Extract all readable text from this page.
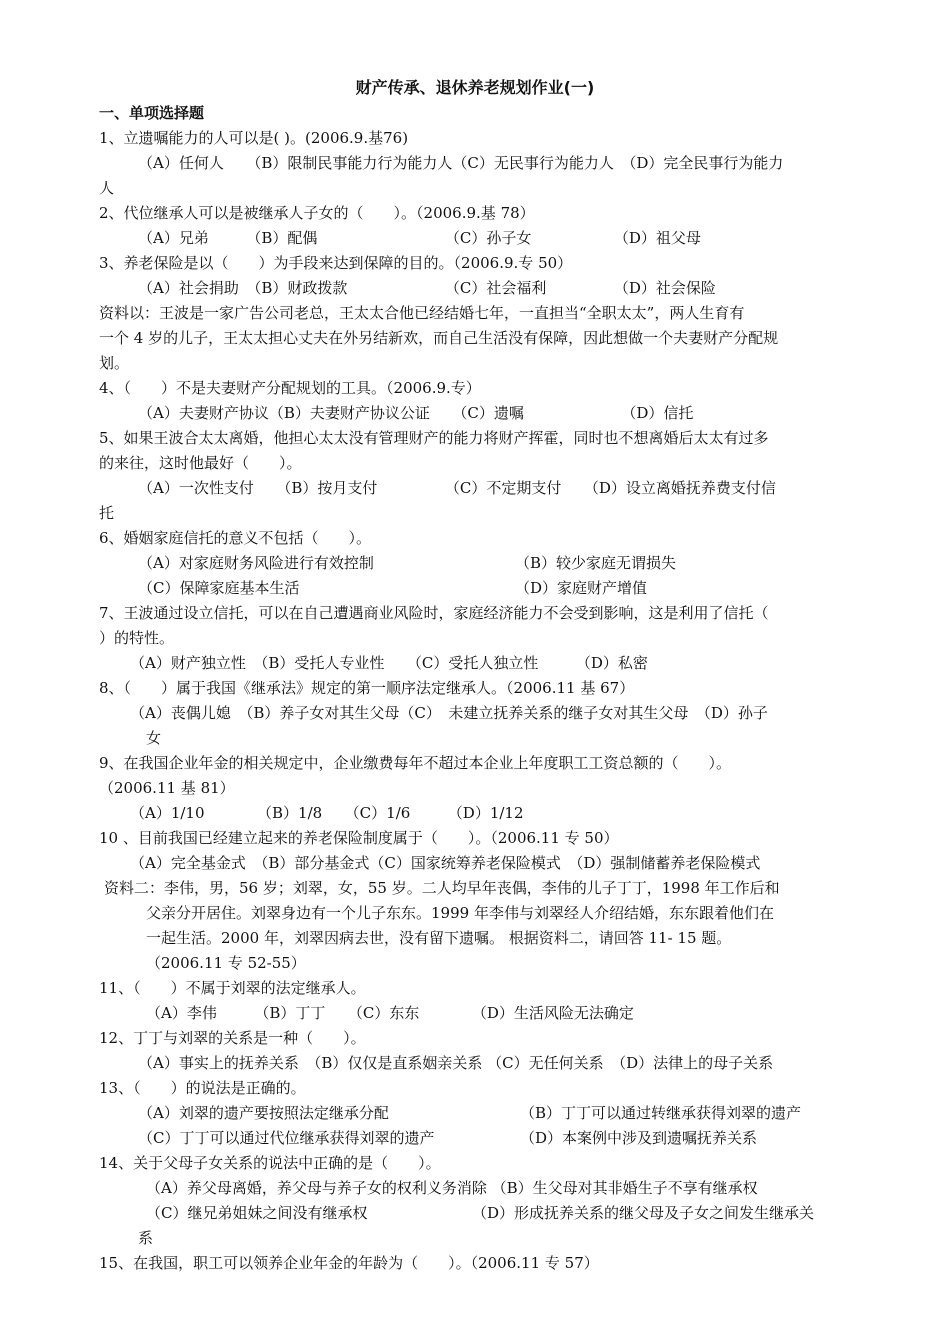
财产传承、退休养老规划作业(一)
一、单项选择题
1、立遗嘱能力的人可以是( )。(2006.9.基76)
（A）任何人　　（B）限制民事能力行为能力人（C）无民事行为能力人　（D）完全民事行为能力
人
2、代位继承人可以是被继承人子女的（　　）。（2006.9.基 78）
（A）兄弟　　　（B）配偶　　　　　　　　　（C）孙子女　　　　　　（D）祖父母
3、养老保险是以（　　）为手段来达到保障的目的。（2006.9.专 50）
（A）社会捐助　（B）财政拨款　　　　　　　（C）社会福利　　　　　（D）社会保险
资料以：王波是一家广告公司老总，王太太合他已经结婚七年，一直担当“全职太太”，两人生育有
一个 4 岁的儿子，王太太担心丈夫在外另结新欢，而自己生活没有保障，因此想做一个夫妻财产分配规
划。
4、（　　）不是夫妻财产分配规划的工具。（2006.9.专）
（A）夫妻财产协议（B）夫妻财产协议公证　　（C）遗嘱　　　　　　　（D）信托
5、如果王波合太太离婚，他担心太太没有管理财产的能力将财产挥霍，同时也不想离婚后太太有过多
的来往，这时他最好（　　）。
（A）一次性支付　　（B）按月支付　　　　　（C）不定期支付　　（D）设立离婚抚养费支付信
托
6、婚姻家庭信托的意义不包括（　　）。
（A）对家庭财务风险进行有效控制	（B）较少家庭无谓损失
（C）保障家庭基本生活	（D）家庭财产增值
7、王波通过设立信托，可以在自己遭遇商业风险时，家庭经济能力不会受到影响，这是利用了信托（
）的特性。
（A）财产独立性　（B）受托人专业性　　（C）受托人独立性　　　（D）私密
8、（　　）属于我国《继承法》规定的第一顺序法定继承人。（2006.11 基 67）
（A）丧偶儿媳　（B）养子女对其生父母（C）　未建立抚养关系的继子女对其生父母　（D）孙子
女
9、在我国企业年金的相关规定中，企业缴费每年不超过本企业上年度职工工资总额的（　　）。
（2006.11 基 81）
（A）1/10　　　　（B）1/8　　（C）1/6　　　（D）1/12
10 、目前我国已经建立起来的养老保险制度属于（　　）。（2006.11 专 50）
（A）完全基金式　（B）部分基金式（C）国家统筹养老保险模式　（D）强制储蓄养老保险模式
资料二：李伟，男，56 岁；刘翠，女，55 岁。二人均早年丧偶，李伟的儿子丁丁，1998 年工作后和
父亲分开居住。刘翠身边有一个儿子东东。1999 年李伟与刘翠经人介绍结婚，东东跟着他们在
一起生活。2000 年，刘翠因病去世，没有留下遗嘱。 根据资料二，请回答 11- 15 题。
（2006.11 专 52-55）
11、（　　）不属于刘翠的法定继承人。
（A）李伟　　　（B）丁丁　　（C）东东　　　　（D）生活风险无法确定
12、丁丁与刘翠的关系是一种（　　）。
（A）事实上的抚养关系　（B）仅仅是直系姻亲关系 （C）无任何关系　（D）法律上的母子关系
13、（　　）的说法是正确的。
（A）刘翠的遗产要按照法定继承分配	（B）丁丁可以通过转继承获得刘翠的遗产
（C）丁丁可以通过代位继承获得刘翠的遗产	（D）本案例中涉及到遗嘱抚养关系
14、关于父母子女关系的说法中正确的是（　　）。
（A）养父母离婚，养父母与养子女的权利义务消除 （B）生父母对其非婚生子不享有继承权
（C）继兄弟姐妹之间没有继承权	（D）形成抚养关系的继父母及子女之间发生继承关
系
15、在我国，职工可以领养企业年金的年龄为（　　）。（2006.11 专 57）
